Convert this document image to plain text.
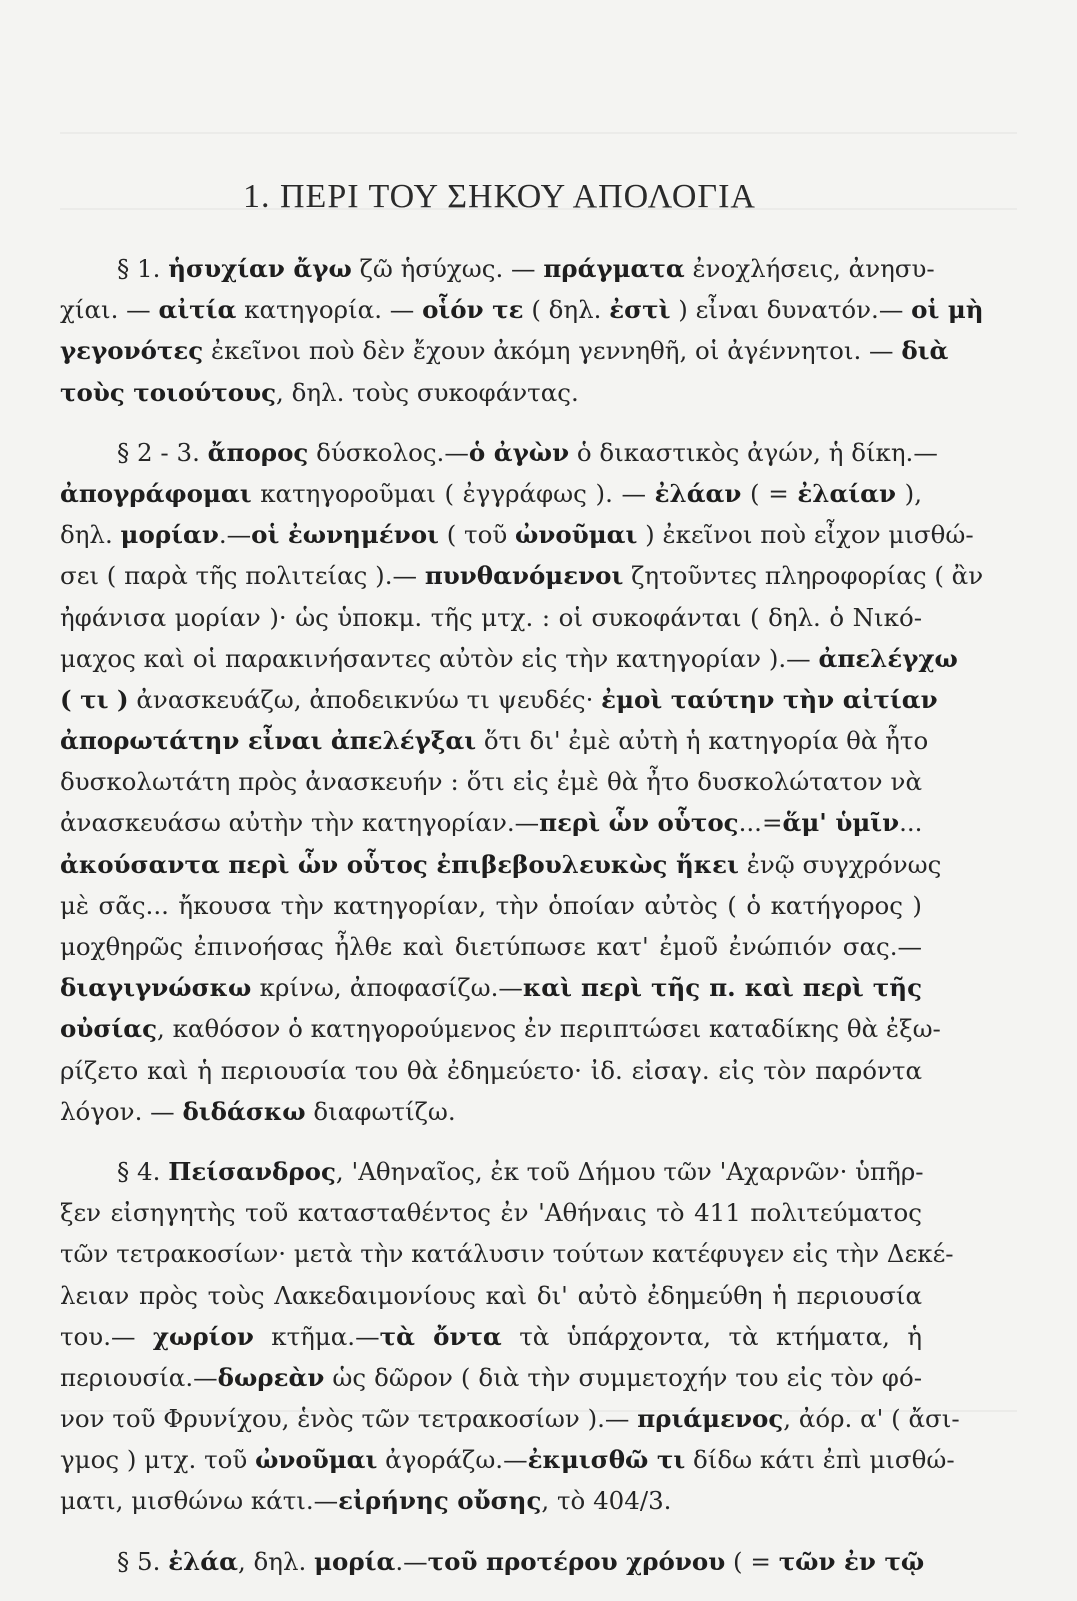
1. ΠΕΡΙ ΤΟΥ ΣΗΚΟΥ ΑΠΟΛΟΓΙΑ
§ 1. ἡσυχίαν ἄγω ζῶ ἡσύχως. — πράγματα ἐνοχλήσεις, ἀνησυ-
χίαι. — αἰτία κατηγορία. — οἷόν τε ( δηλ. ἐστὶ ) εἶναι δυνατόν.— οἱ μὴ
γεγονότες ἐκεῖνοι ποὺ δὲν ἔχουν ἀκόμη γεννηθῆ, οἱ ἀγέννητοι. — διὰ
τοὺς τοιούτους, δηλ. τοὺς συκοφάντας.
§ 2 - 3. ἄπορος δύσκολος.—ὁ ἀγὼν ὁ δικαστικὸς ἀγών, ἡ δίκη.—
ἀπογράφομαι κατηγοροῦμαι ( ἐγγράφως ). — ἐλάαν ( = ἐλαίαν ),
δηλ. μορίαν.—οἱ ἐωνημένοι ( τοῦ ὠνοῦμαι ) ἐκεῖνοι ποὺ εἶχον μισθώ-
σει ( παρὰ τῆς πολιτείας ).— πυνθανόμενοι ζητοῦντες πληροφορίας ( ἂν
ἠφάνισα μορίαν )· ὡς ὑποκμ. τῆς μτχ. : οἱ συκοφάνται ( δηλ. ὁ Νικό-
μαχος καὶ οἱ παρακινήσαντες αὐτὸν εἰς τὴν κατηγορίαν ).— ἀπελέγχω
( τι ) ἀνασκευάζω, ἀποδεικνύω τι ψευδές· ἐμοὶ ταύτην τὴν αἰτίαν
ἀπορωτάτην εἶναι ἀπελέγξαι ὅτι δι' ἐμὲ αὐτὴ ἡ κατηγορία θὰ ἦτο
δυσκολωτάτη πρὸς ἀνασκευήν : ὅτι εἰς ἐμὲ θὰ ἦτο δυσκολώτατον νὰ
ἀνασκευάσω αὐτὴν τὴν κατηγορίαν.—περὶ ὧν οὗτος...=ἅμ' ὑμῖν...
ἀκούσαντα περὶ ὧν οὗτος ἐπιβεβουλευκὼς ἥκει ἐνῷ συγχρόνως
μὲ σᾶς... ἤκουσα τὴν κατηγορίαν, τὴν ὁποίαν αὐτὸς ( ὁ κατήγορος )
μοχθηρῶς ἐπινοήσας ἦλθε καὶ διετύπωσε κατ' ἐμοῦ ἐνώπιόν σας.—
διαγιγνώσκω κρίνω, ἀποφασίζω.—καὶ περὶ τῆς π. καὶ περὶ τῆς
οὐσίας, καθόσον ὁ κατηγορούμενος ἐν περιπτώσει καταδίκης θὰ ἐξω-
ρίζετο καὶ ἡ περιουσία του θὰ ἐδημεύετο· ἰδ. εἰσαγ. εἰς τὸν παρόντα
λόγον. — διδάσκω διαφωτίζω.
§ 4. Πείσανδρος, 'Αθηναῖος, ἐκ τοῦ Δήμου τῶν 'Αχαρνῶν· ὑπῆρ-
ξεν εἰσηγητὴς τοῦ κατασταθέντος ἐν 'Αθήναις τὸ 411 πολιτεύματος
τῶν τετρακοσίων· μετὰ τὴν κατάλυσιν τούτων κατέφυγεν εἰς τὴν Δεκέ-
λειαν πρὸς τοὺς Λακεδαιμονίους καὶ δι' αὐτὸ ἐδημεύθη ἡ περιουσία
του.— χωρίον κτῆμα.—τὰ ὄντα τὰ ὑπάρχοντα, τὰ κτήματα, ἡ
περιουσία.—δωρεὰν ὡς δῶρον ( διὰ τὴν συμμετοχήν του εἰς τὸν φό-
νον τοῦ Φρυνίχου, ἑνὸς τῶν τετρακοσίων ).— πριάμενος, ἀόρ. α' ( ἄσι-
γμος ) μτχ. τοῦ ὠνοῦμαι ἀγοράζω.—ἐκμισθῶ τι δίδω κάτι ἐπὶ μισθώ-
ματι, μισθώνω κάτι.—εἰρήνης οὔσης, τὸ 404/3.
§ 5. ἐλάα, δηλ. μορία.—τοῦ προτέρου χρόνου ( = τῶν ἐν τῷ
